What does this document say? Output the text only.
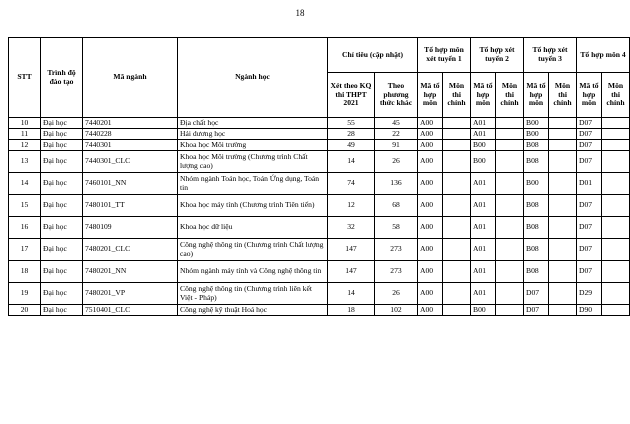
18
STT	Trình độ đào tạo	Mã ngành	Ngành học	Chỉ tiêu (cập nhật)		Tổ hợp môn xét tuyển 1		Tổ hợp xét tuyển 2		Tổ hợp xét tuyển 3		Tổ hợp môn 4	
				Xét theo KQ thi THPT 2021	Theo phương thức khác	Mã tổ hợp môn	Môn thi chính	Mã tổ hợp môn	Môn thi chính	Mã tổ hợp môn	Môn thi chính	Mã tổ hợp môn	Môn thi chính
10	Đại học	7440201	Địa chất học	55	45	A00		A01		B00		D07	
11	Đại học	7440228	Hải dương học	28	22	A00		A01		B00		D07	
12	Đại học	7440301	Khoa học Môi trường	49	91	A00		B00		B08		D07	
13	Đại học	7440301_CLC	Khoa học Môi trường (Chương trình Chất lượng cao)	14	26	A00		B00		B08		D07	
14	Đại học	7460101_NN	Nhóm ngành Toán học, Toán Ứng dụng, Toán tin	74	136	A00		A01		B00		D01	
15	Đại học	7480101_TT	Khoa học máy tính (Chương trình Tiên tiến)	12	68	A00		A01		B08		D07	
16	Đại học	7480109	Khoa học dữ liệu	32	58	A00		A01		B08		D07	
17	Đại học	7480201_CLC	Công nghệ thông tin (Chương trình Chất lượng cao)	147	273	A00		A01		B08		D07	
18	Đại học	7480201_NN	Nhóm ngành máy tính và Công nghệ thông tin	147	273	A00		A01		B08		D07	
19	Đại học	7480201_VP	Công nghệ thông tin (Chương trình liên kết Việt - Pháp)	14	26	A00		A01		D07		D29	
20	Đại học	7510401_CLC	Công nghệ kỹ thuật Hoá học	18	102	A00		B00		D07		D90	
